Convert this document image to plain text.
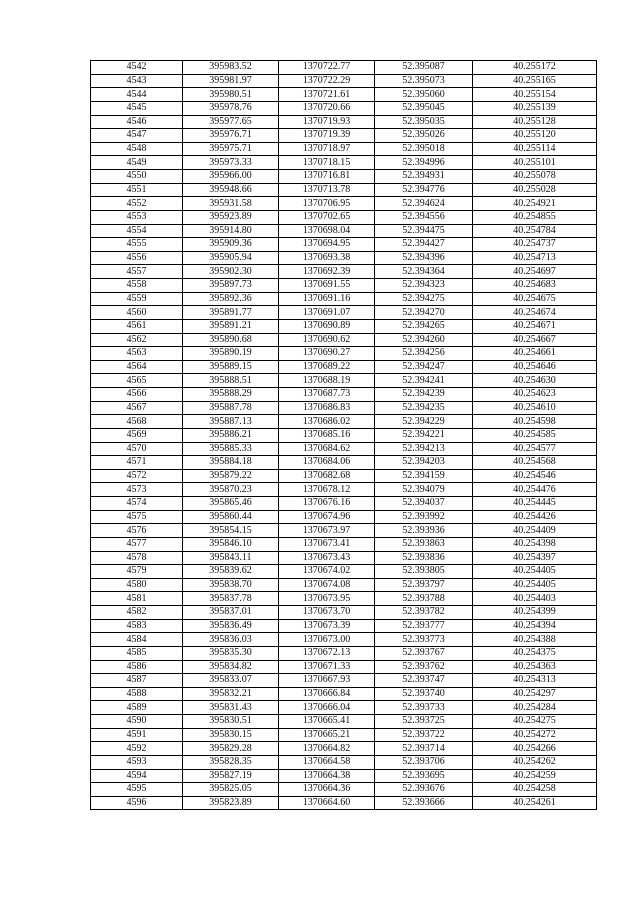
4542	395983.52	1370722.77	52.395087	40.255172
4543	395981.97	1370722.29	52.395073	40.255165
4544	395980.51	1370721.61	52.395060	40.255154
4545	395978.76	1370720.66	52.395045	40.255139
4546	395977.65	1370719.93	52.395035	40.255128
4547	395976.71	1370719.39	52.395026	40.255120
4548	395975.71	1370718.97	52.395018	40.255114
4549	395973.33	1370718.15	52.394996	40.255101
4550	395966.00	1370716.81	52.394931	40.255078
4551	395948.66	1370713.78	52.394776	40.255028
4552	395931.58	1370706.95	52.394624	40.254921
4553	395923.89	1370702.65	52.394556	40.254855
4554	395914.80	1370698.04	52.394475	40.254784
4555	395909.36	1370694.95	52.394427	40.254737
4556	395905.94	1370693.38	52.394396	40.254713
4557	395902.30	1370692.39	52.394364	40.254697
4558	395897.73	1370691.55	52.394323	40.254683
4559	395892.36	1370691.16	52.394275	40.254675
4560	395891.77	1370691.07	52.394270	40.254674
4561	395891.21	1370690.89	52.394265	40.254671
4562	395890.68	1370690.62	52.394260	40.254667
4563	395890.19	1370690.27	52.394256	40.254661
4564	395889.15	1370689.22	52.394247	40.254646
4565	395888.51	1370688.19	52.394241	40.254630
4566	395888.29	1370687.73	52.394239	40.254623
4567	395887.78	1370686.83	52.394235	40.254610
4568	395887.13	1370686.02	52.394229	40.254598
4569	395886.21	1370685.16	52.394221	40.254585
4570	395885.33	1370684.62	52.394213	40.254577
4571	395884.18	1370684.06	52.394203	40.254568
4572	395879.22	1370682.68	52.394159	40.254546
4573	395870.23	1370678.12	52.394079	40.254476
4574	395865.46	1370676.16	52.394037	40.254445
4575	395860.44	1370674.96	52.393992	40.254426
4576	395854.15	1370673.97	52.393936	40.254409
4577	395846.10	1370673.41	52.393863	40.254398
4578	395843.11	1370673.43	52.393836	40.254397
4579	395839.62	1370674.02	52.393805	40.254405
4580	395838.70	1370674.08	52.393797	40.254405
4581	395837.78	1370673.95	52.393788	40.254403
4582	395837.01	1370673.70	52.393782	40.254399
4583	395836.49	1370673.39	52.393777	40.254394
4584	395836.03	1370673.00	52.393773	40.254388
4585	395835.30	1370672.13	52.393767	40.254375
4586	395834.82	1370671.33	52.393762	40.254363
4587	395833.07	1370667.93	52.393747	40.254313
4588	395832.21	1370666.84	52.393740	40.254297
4589	395831.43	1370666.04	52.393733	40.254284
4590	395830.51	1370665.41	52.393725	40.254275
4591	395830.15	1370665.21	52.393722	40.254272
4592	395829.28	1370664.82	52.393714	40.254266
4593	395828.35	1370664.58	52.393706	40.254262
4594	395827.19	1370664.38	52.393695	40.254259
4595	395825.05	1370664.36	52.393676	40.254258
4596	395823.89	1370664.60	52.393666	40.254261
